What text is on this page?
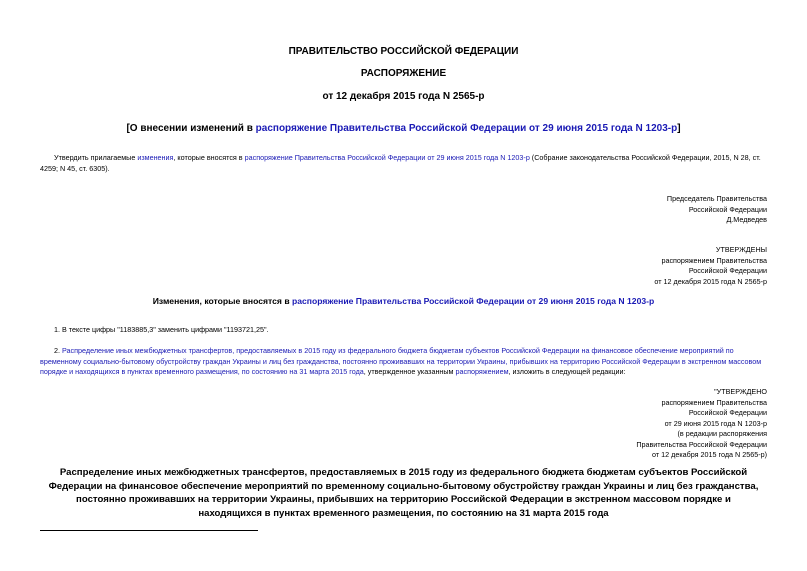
ПРАВИТЕЛЬСТВО РОССИЙСКОЙ ФЕДЕРАЦИИ
РАСПОРЯЖЕНИЕ
от 12 декабря 2015 года N 2565-р
[О внесении изменений в распоряжение Правительства Российской Федерации от 29 июня 2015 года N 1203-р]
Утвердить прилагаемые изменения, которые вносятся в распоряжение Правительства Российской Федерации от 29 июня 2015 года N 1203-р (Собрание законодательства Российской Федерации, 2015, N 28, ст. 4259; N 45, ст. 6305).
Председатель Правительства
Российской Федерации
Д.Медведев
УТВЕРЖДЕНЫ
распоряжением Правительства
Российской Федерации
от 12 декабря 2015 года N 2565-р
Изменения, которые вносятся в распоряжение Правительства Российской Федерации от 29 июня 2015 года N 1203-р
1. В тексте цифры "1183885,3" заменить цифрами "1193721,25".
2. Распределение иных межбюджетных трансфертов, предоставляемых в 2015 году из федерального бюджета бюджетам субъектов Российской Федерации на финансовое обеспечение мероприятий по временному социально-бытовому обустройству граждан Украины и лиц без гражданства, постоянно проживавших на территории Украины, прибывших на территорию Российской Федерации в экстренном массовом порядке и находящихся в пунктах временного размещения, по состоянию на 31 марта 2015 года, утвержденное указанным распоряжением, изложить в следующей редакции:
"УТВЕРЖДЕНО
распоряжением Правительства
Российской Федерации
от 29 июня 2015 года N 1203-р
(в редакции распоряжения
Правительства Российской Федерации
от 12 декабря 2015 года N 2565-р)
Распределение иных межбюджетных трансфертов, предоставляемых в 2015 году из федерального бюджета бюджетам субъектов Российской Федерации на финансовое обеспечение мероприятий по временному социально-бытовому обустройству граждан Украины и лиц без гражданства, постоянно проживавших на территории Украины, прибывших на территорию Российской Федерации в экстренном массовом порядке и находящихся в пунктах временного размещения, по состоянию на 31 марта 2015 года
